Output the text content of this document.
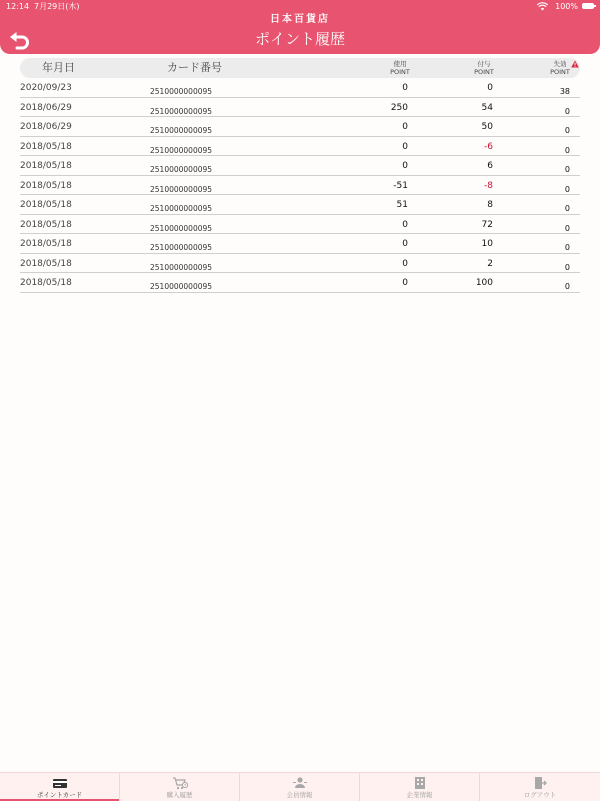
12:14 7月29日(木)	100%
日本百貨店
ポイント履歴
年月日	カード番号	使用
POINT
付与
POINT
失効
POINT
2020/09/23	2510000000095	0	0	38
2018/06/29	2510000000095	250	54	0
2018/06/29	2510000000095	0	50	0
2018/05/18	2510000000095	0	-6	0
2018/05/18	2510000000095	0	6	0
2018/05/18	2510000000095	-51	-8	0
2018/05/18	2510000000095	51	8	0
2018/05/18	2510000000095	0	72	0
2018/05/18	2510000000095	0	10	0
2018/05/18	2510000000095	0	2	0
2018/05/18	2510000000095	0	100	0
ポイントカード	購入履歴	会員情報	企業情報	ログアウト
